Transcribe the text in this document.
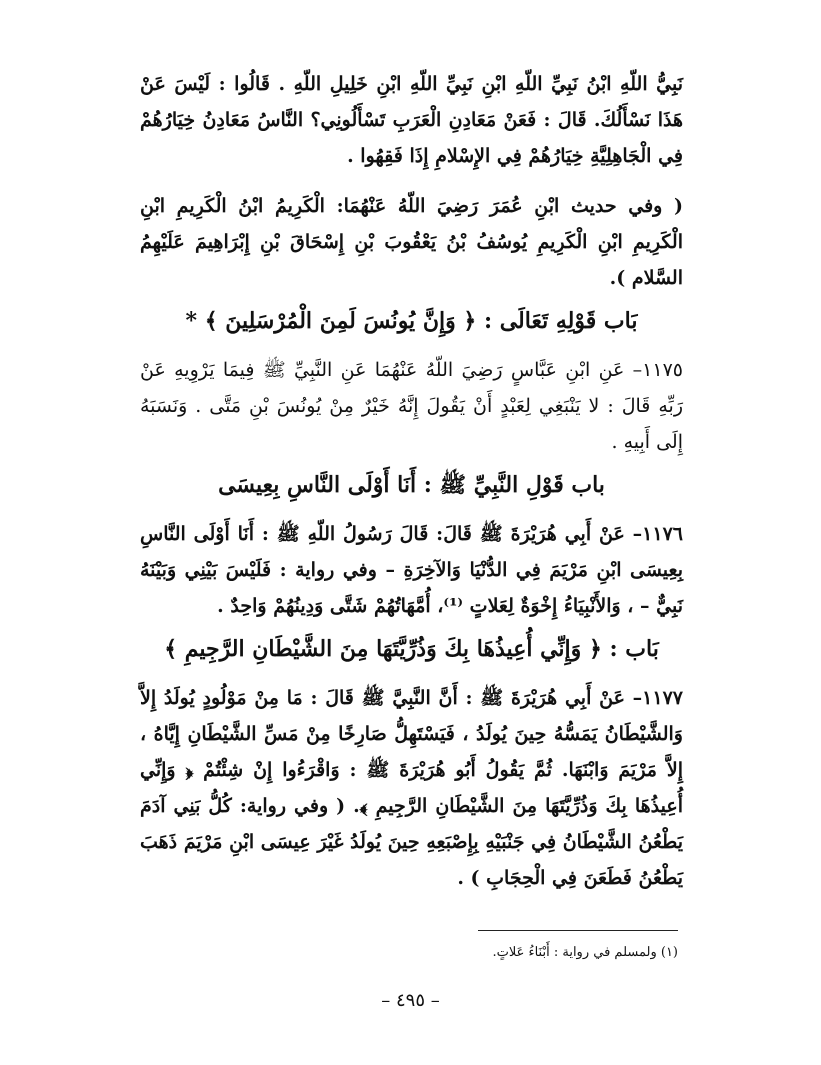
نَبِيُّ اللّهِ ابْنُ نَبِيِّ اللّهِ ابْنِ نَبِيِّ اللّهِ ابْنِ خَلِيلِ اللّهِ . قَالُوا : لَيْسَ عَنْ هَذَا نَسْأَلُكَ. قَالَ : فَعَنْ مَعَادِنِ الْعَرَبِ تَسْأَلُونِي؟ النَّاسُ مَعَادِنُ خِيَارُهُمْ فِي الْجَاهِلِيَّةِ خِيَارُهُمْ فِي الإِسْلامِ إِذَا فَقِهُوا .

( وفي حديث ابْنِ عُمَرَ رَضِيَ اللّهُ عَنْهُمَا: الْكَرِيمُ ابْنُ الْكَرِيمِ ابْنِ الْكَرِيمِ ابْنِ الْكَرِيمِ يُوسُفُ بْنُ يَعْقُوبَ بْنِ إِسْحَاقَ بْنِ إِبْرَاهِيمَ عَلَيْهِمُ السَّلام ).

بَاب قَوْلِهِ تَعَالَى : ﴿ وَإِنَّ يُونُسَ لَمِنَ الْمُرْسَلِينَ ﴾ *

١١٧٥– عَنِ ابْنِ عَبَّاسٍ رَضِيَ اللّهُ عَنْهُمَا عَنِ النَّبِيِّ ﷺ فِيمَا يَرْوِيهِ عَنْ رَبِّهِ قَالَ : لا يَنْبَغِي لِعَبْدٍ أَنْ يَقُولَ إِنَّهُ خَيْرٌ مِنْ يُونُسَ بْنِ مَتَّى . وَنَسَبَهُ إِلَى أَبِيهِ .

باب قَوْلِ النَّبِيِّ ﷺ : أَنَا أَوْلَى النَّاسِ بِعِيسَى

١١٧٦– عَنْ أَبِي هُرَيْرَةَ ﷺ قَالَ: قَالَ رَسُولُ اللّهِ ﷺ : أَنَا أَوْلَى النَّاسِ بِعِيسَى ابْنِ مَرْيَمَ فِي الدُّنْيَا وَالآخِرَةِ – وفي رواية : فَلَيْسَ بَيْنِي وَبَيْنَهُ نَبِيٌّ – ، وَالأَنْبِيَاءُ إِخْوَةٌ لِعَلاتٍ ⁽¹⁾، أُمَّهَاتُهُمْ شَتَّى وَدِينُهُمْ وَاحِدٌ .

بَاب : ﴿ وَإِنِّي أُعِيذُهَا بِكَ وَذُرِّيَّتَهَا مِنَ الشَّيْطَانِ الرَّجِيمِ ﴾

١١٧٧– عَنْ أَبِي هُرَيْرَةَ ﷺ : أَنَّ النَّبِيَّ ﷺ قَالَ : مَا مِنْ مَوْلُودٍ يُولَدُ إِلاَّ وَالشَّيْطَانُ يَمَسُّهُ حِينَ يُولَدُ ، فَيَسْتَهِلُّ صَارِخًا مِنْ مَسِّ الشَّيْطَانِ إِيَّاهُ ، إِلاَّ مَرْيَمَ وَابْنَهَا. ثُمَّ يَقُولُ أَبُو هُرَيْرَةَ ﷺ : وَاقْرَءُوا إِنْ شِئْتُمْ ﴿ وَإِنِّي أُعِيذُهَا بِكَ وَذُرِّيَّتَهَا مِنَ الشَّيْطَانِ الرَّجِيمِ ﴾. ( وفي رواية: كُلُّ بَنِي آدَمَ يَطْعُنُ الشَّيْطَانُ فِي جَنْبَيْهِ بِإِصْبَعِهِ حِينَ يُولَدُ غَيْرَ عِيسَى ابْنِ مَرْيَمَ ذَهَبَ يَطْعُنُ فَطَعَنَ فِي الْحِجَابِ ) .

(١) ولمسلم في رواية : أَبْنَاءُ عَلاتٍ.
– ٤٩٥ –
